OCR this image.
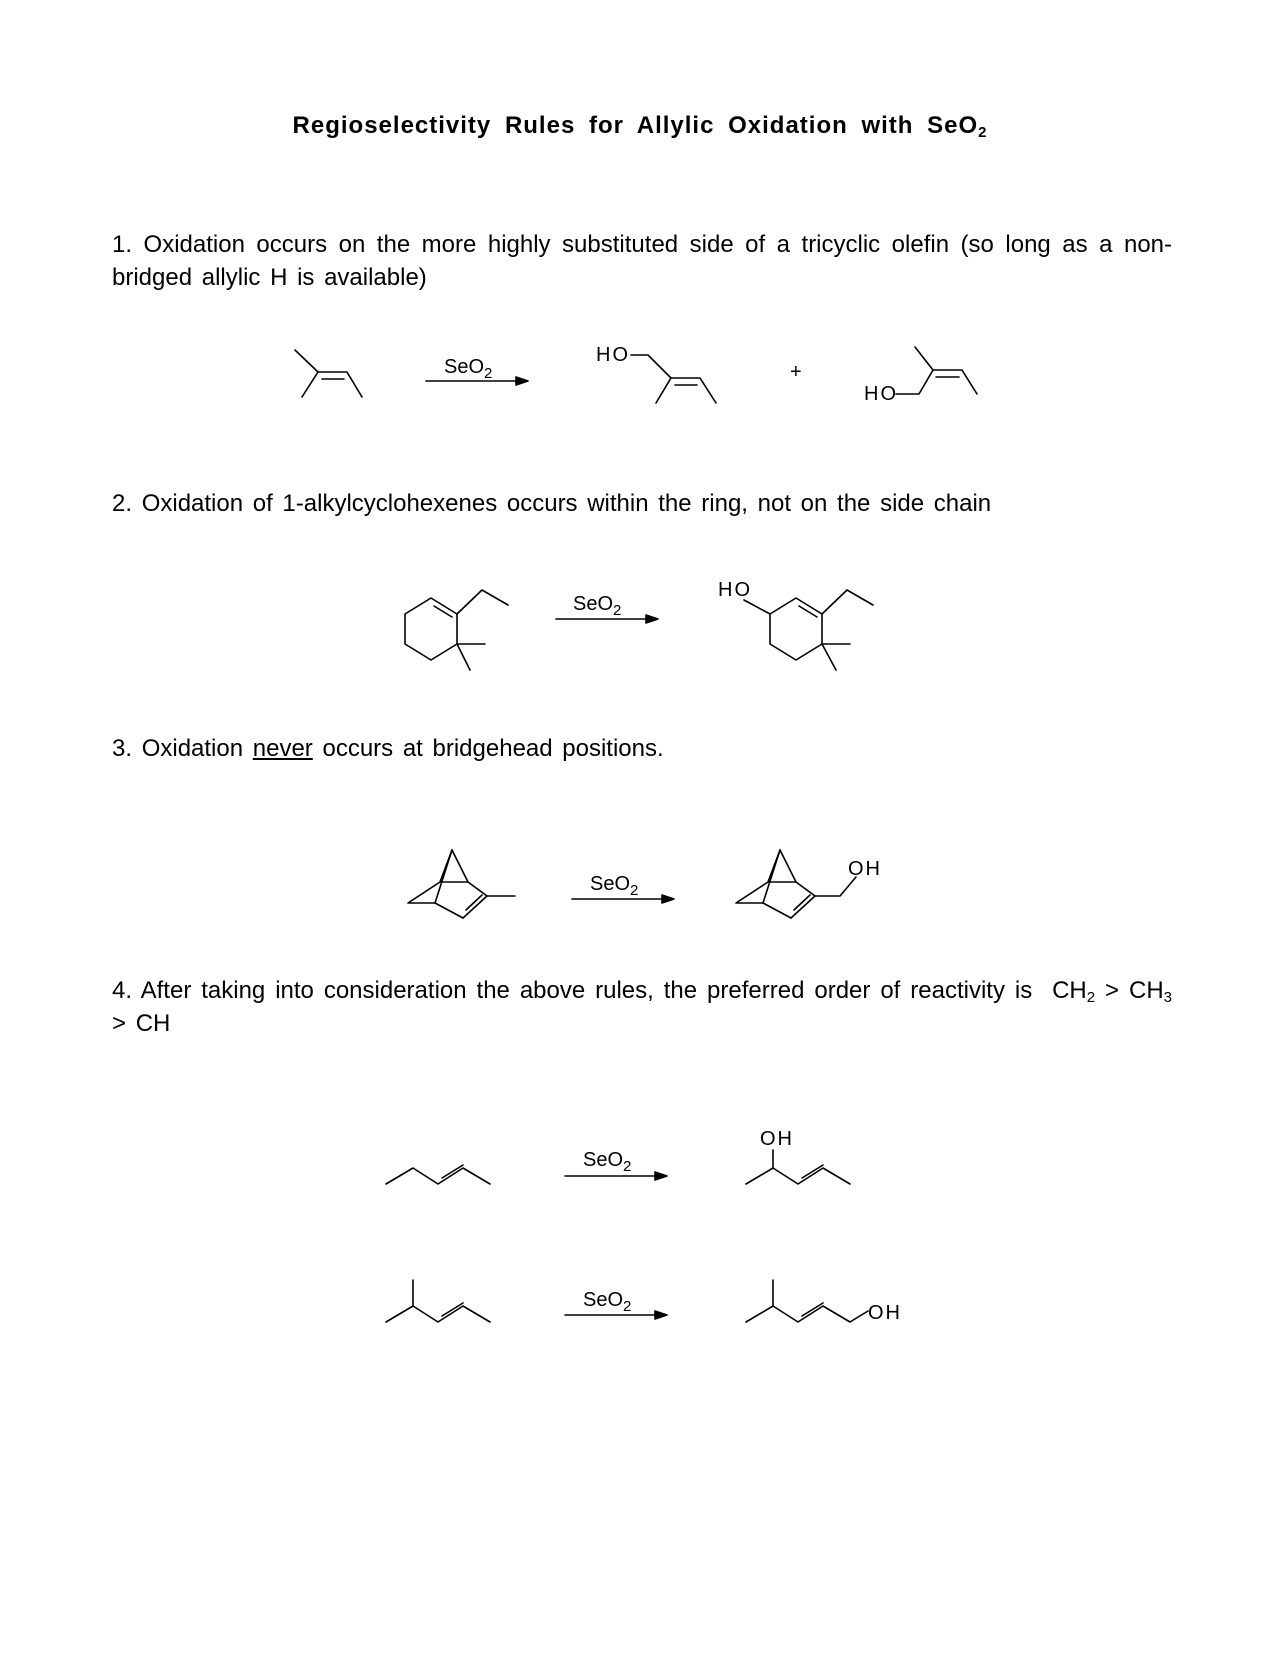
Regioselectivity Rules for Allylic Oxidation with SeO$_2$

1. Oxidation occurs on the more highly substituted side of a tricyclic olefin (so long as a non-bridged allylic H is available)

2. Oxidation of 1-alkylcyclohexenes occurs within the ring, not on the side chain

3. Oxidation never occurs at bridgehead positions.

4. After taking into consideration the above rules, the preferred order of reactivity is $CH_2 > CH_3$ > CH

SeO$_2$
HO
+
HO
SeO$_2$
HO
SeO$_2$
OH
SeO$_2$
OH
SeO$_2$	OH
